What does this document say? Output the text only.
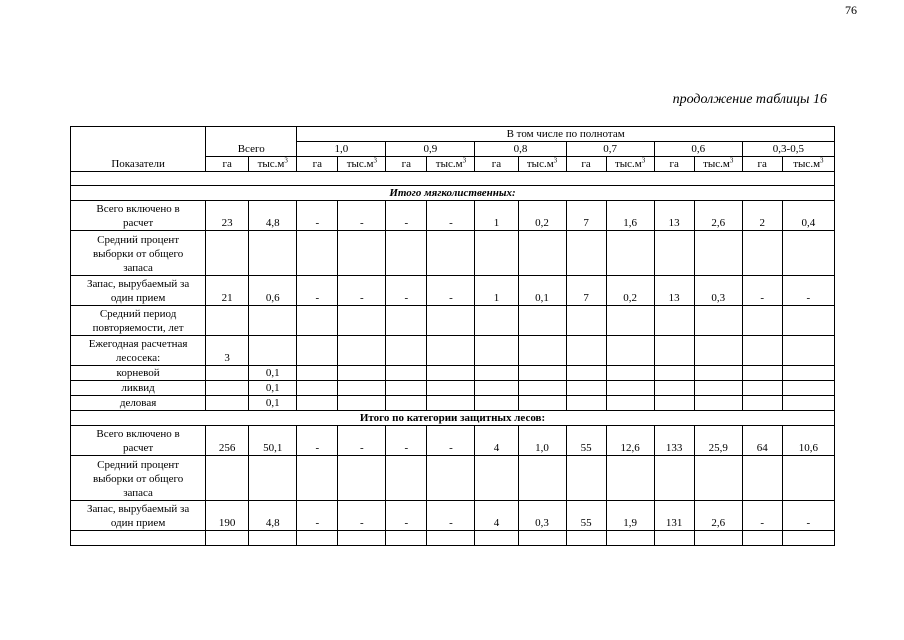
76
продолжение таблицы 16
Показатели	Всего		В том числе по полнотам											
			1,0		0,9		0,8		0,7		0,6		0,3-0,5	
	га	$тыс.м^3$	га	$тыс.м^3$	га	$тыс.м^3$	га	$тыс.м^3$	га	$тыс.м^3$	га	$тыс.м^3$	га	$тыс.м^3$

Итого мягколиственных:														

Всего включено в
расчет	23	4,8	-	-	-	-	1	0,2	7	1,6	13	2,6	2	0,4

Средний процент
выборки от общего
запаса														

Запас, вырубаемый за
один прием	21	0,6	-	-	-	-	1	0,1	7	0,2	13	0,3	-	-

Средний период
повторяемости, лет														

Ежегодная расчетная
лесосека:	3													

корневой		0,1												

ликвид		0,1												

деловая		0,1												
Итого по категории защитных лесов:														

Всего включено в
расчет	256	50,1	-	-	-	-	4	1,0	55	12,6	133	25,9	64	10,6

Средний процент
выборки от общего
запаса														

Запас, вырубаемый за
один прием	190	4,8	-	-	-	-	4	0,3	55	1,9	131	2,6	-	-
